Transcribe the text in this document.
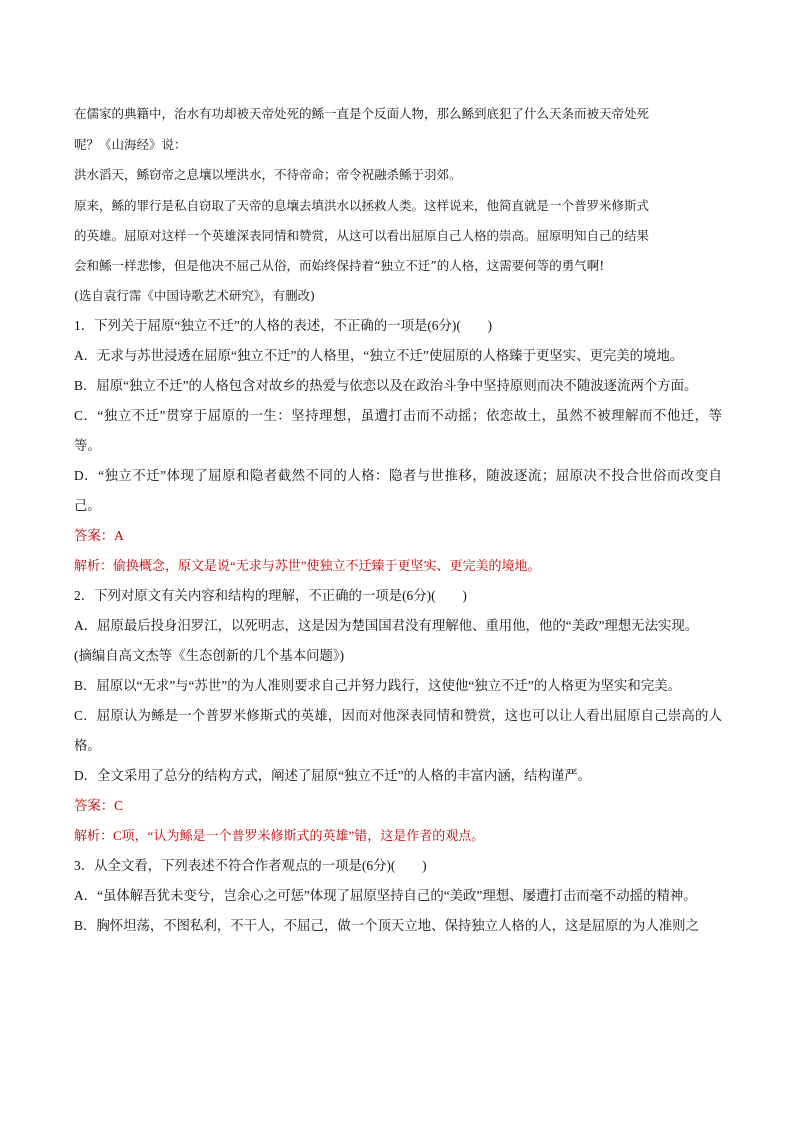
在儒家的典籍中，治水有功却被天帝处死的鲧一直是个反面人物，那么鲧到底犯了什么天条而被天帝处死

呢？《山海经》说：

洪水滔天，鲧窃帝之息壤以堙洪水，不待帝命；帝令祝融杀鲧于羽郊。

原来，鲧的罪行是私自窃取了天帝的息壤去填洪水以拯救人类。这样说来，他简直就是一个普罗米修斯式

的英雄。屈原对这样一个英雄深表同情和赞赏，从这可以看出屈原自己人格的崇高。屈原明知自己的结果

会和鲧一样悲惨，但是他决不屈己从俗，而始终保持着“独立不迁”的人格，这需要何等的勇气啊!

(选自袁行霈《中国诗歌艺术研究》，有删改)

1．下列关于屈原“独立不迁”的人格的表述，不正确的一项是(6分)(　　)

A．无求与苏世浸透在屈原“独立不迁”的人格里，“独立不迁”使屈原的人格臻于更坚实、更完美的境地。

B．屈原“独立不迁”的人格包含对故乡的热爱与依恋以及在政治斗争中坚持原则而决不随波逐流两个方面。

C．“独立不迁”贯穿于屈原的一生：坚持理想，虽遭打击而不动摇；依恋故土，虽然不被理解而不他迁，等等。

D．“独立不迁”体现了屈原和隐者截然不同的人格：隐者与世推移，随波逐流；屈原决不投合世俗而改变自己。

答案：A

解析：偷换概念，原文是说“无求与苏世”使独立不迁臻于更坚实、更完美的境地。

2．下列对原文有关内容和结构的理解，不正确的一项是(6分)(　　)

A．屈原最后投身汨罗江，以死明志，这是因为楚国国君没有理解他、重用他，他的“美政”理想无法实现。

(摘编自高文杰等《生态创新的几个基本问题》)

B．屈原以“无求”与“苏世”的为人准则要求自己并努力践行，这使他“独立不迁”的人格更为坚实和完美。

C．屈原认为鲧是一个普罗米修斯式的英雄，因而对他深表同情和赞赏，这也可以让人看出屈原自己崇高的人格。

D．全文采用了总分的结构方式，阐述了屈原“独立不迁”的人格的丰富内涵，结构谨严。

答案：C

解析：C项，“认为鲧是一个普罗米修斯式的英雄”错，这是作者的观点。

3．从全文看，下列表述不符合作者观点的一项是(6分)(　　)

A．“虽体解吾犹未变兮，岂余心之可惩”体现了屈原坚持自己的“美政”理想、屡遭打击而毫不动摇的精神。

B．胸怀坦荡，不图私利，不干人，不屈己，做一个顶天立地、保持独立人格的人，这是屈原的为人准则之
